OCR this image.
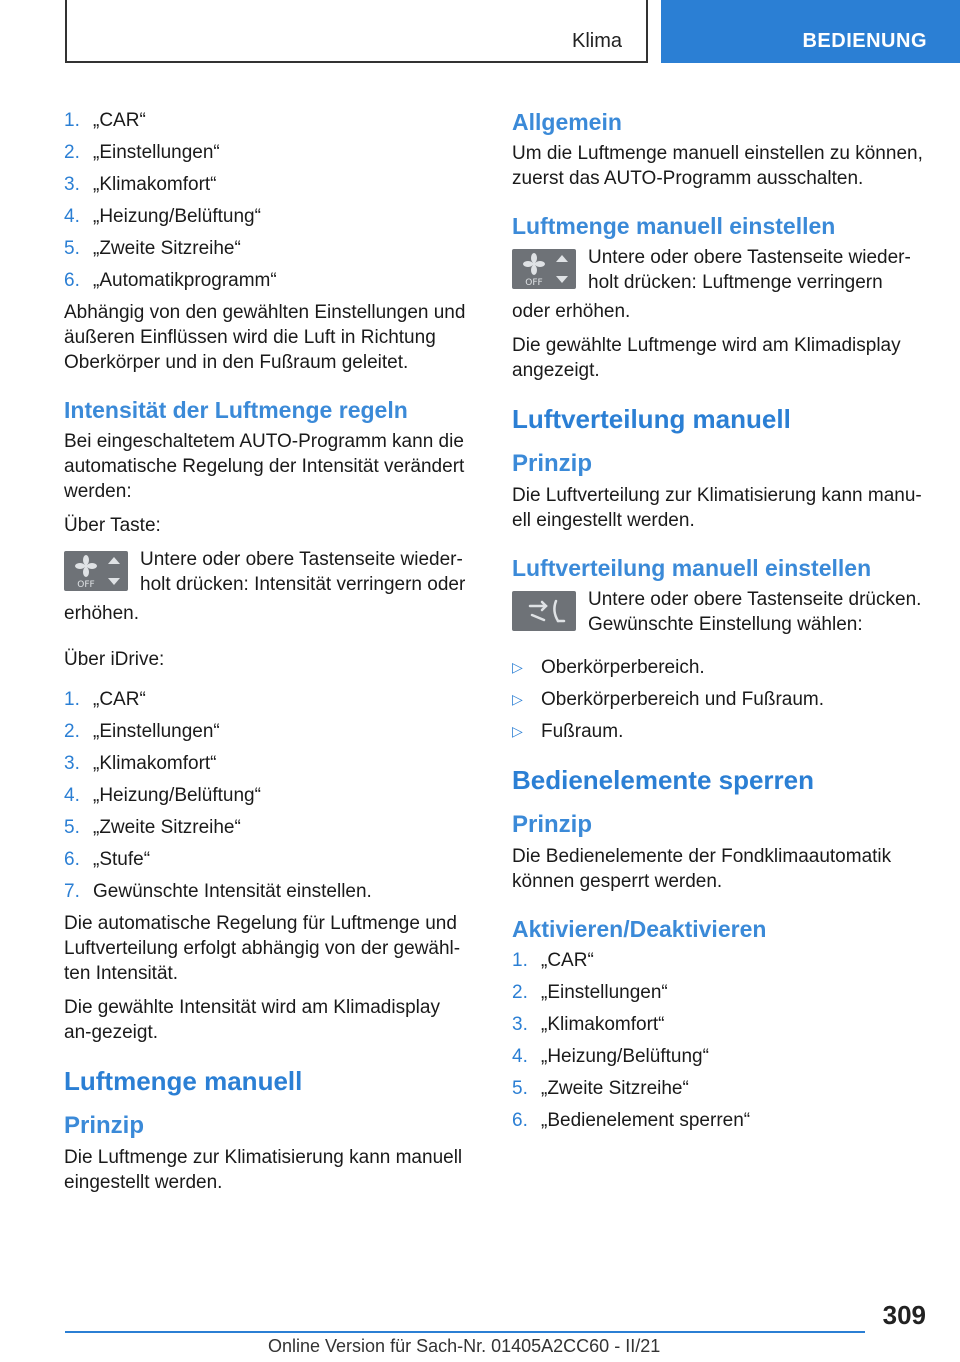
Klima	BEDIENUNG
1. „CAR“
2. „Einstellungen“
3. „Klimakomfort“
4. „Heizung/Belüftung“
5. „Zweite Sitzreihe“
6. „Automatikprogramm“

Abhängig von den gewählten Einstellungen und äußeren Einflüssen wird die Luft in Richtung Oberkörper und in den Fußraum geleitet.

Intensität der Luftmenge regeln

Bei eingeschaltetem AUTO-Programm kann die automatische Regelung der Intensität verändert werden:

Über Taste:

OFF
Untere oder obere Tastenseite wieder-holt drücken: Intensität verringern oder

erhöhen.

Über iDrive:

1. „CAR“
2. „Einstellungen“
3. „Klimakomfort“
4. „Heizung/Belüftung“
5. „Zweite Sitzreihe“
6. „Stufe“
7. Gewünschte Intensität einstellen.

Die automatische Regelung für Luftmenge und Luftverteilung erfolgt abhängig von der gewähl-ten Intensität.

Die gewählte Intensität wird am Klimadisplay an-gezeigt.

Luftmenge manuell
Prinzip

Die Luftmenge zur Klimatisierung kann manuell eingestellt werden.

Allgemein

Um die Luftmenge manuell einstellen zu können, zuerst das AUTO-Programm ausschalten.

Luftmenge manuell einstellen
OFF
Untere oder obere Tastenseite wieder-holt drücken: Luftmenge verringern

oder erhöhen.

Die gewählte Luftmenge wird am Klimadisplay angezeigt.

Luftverteilung manuell
Prinzip

Die Luftverteilung zur Klimatisierung kann manu-ell eingestellt werden.

Luftverteilung manuell einstellen
Untere oder obere Tastenseite drücken. Gewünschte Einstellung wählen:
▷ Oberkörperbereich.
▷ Oberkörperbereich und Fußraum.
▷ Fußraum.
Bedienelemente sperren
Prinzip

Die Bedienelemente der Fondklimaautomatik können gesperrt werden.

Aktivieren/Deaktivieren
1. „CAR“
2. „Einstellungen“
3. „Klimakomfort“
4. „Heizung/Belüftung“
5. „Zweite Sitzreihe“
6. „Bedienelement sperren“
309
Online Version für Sach-Nr. 01405A2CC60 - II/21
